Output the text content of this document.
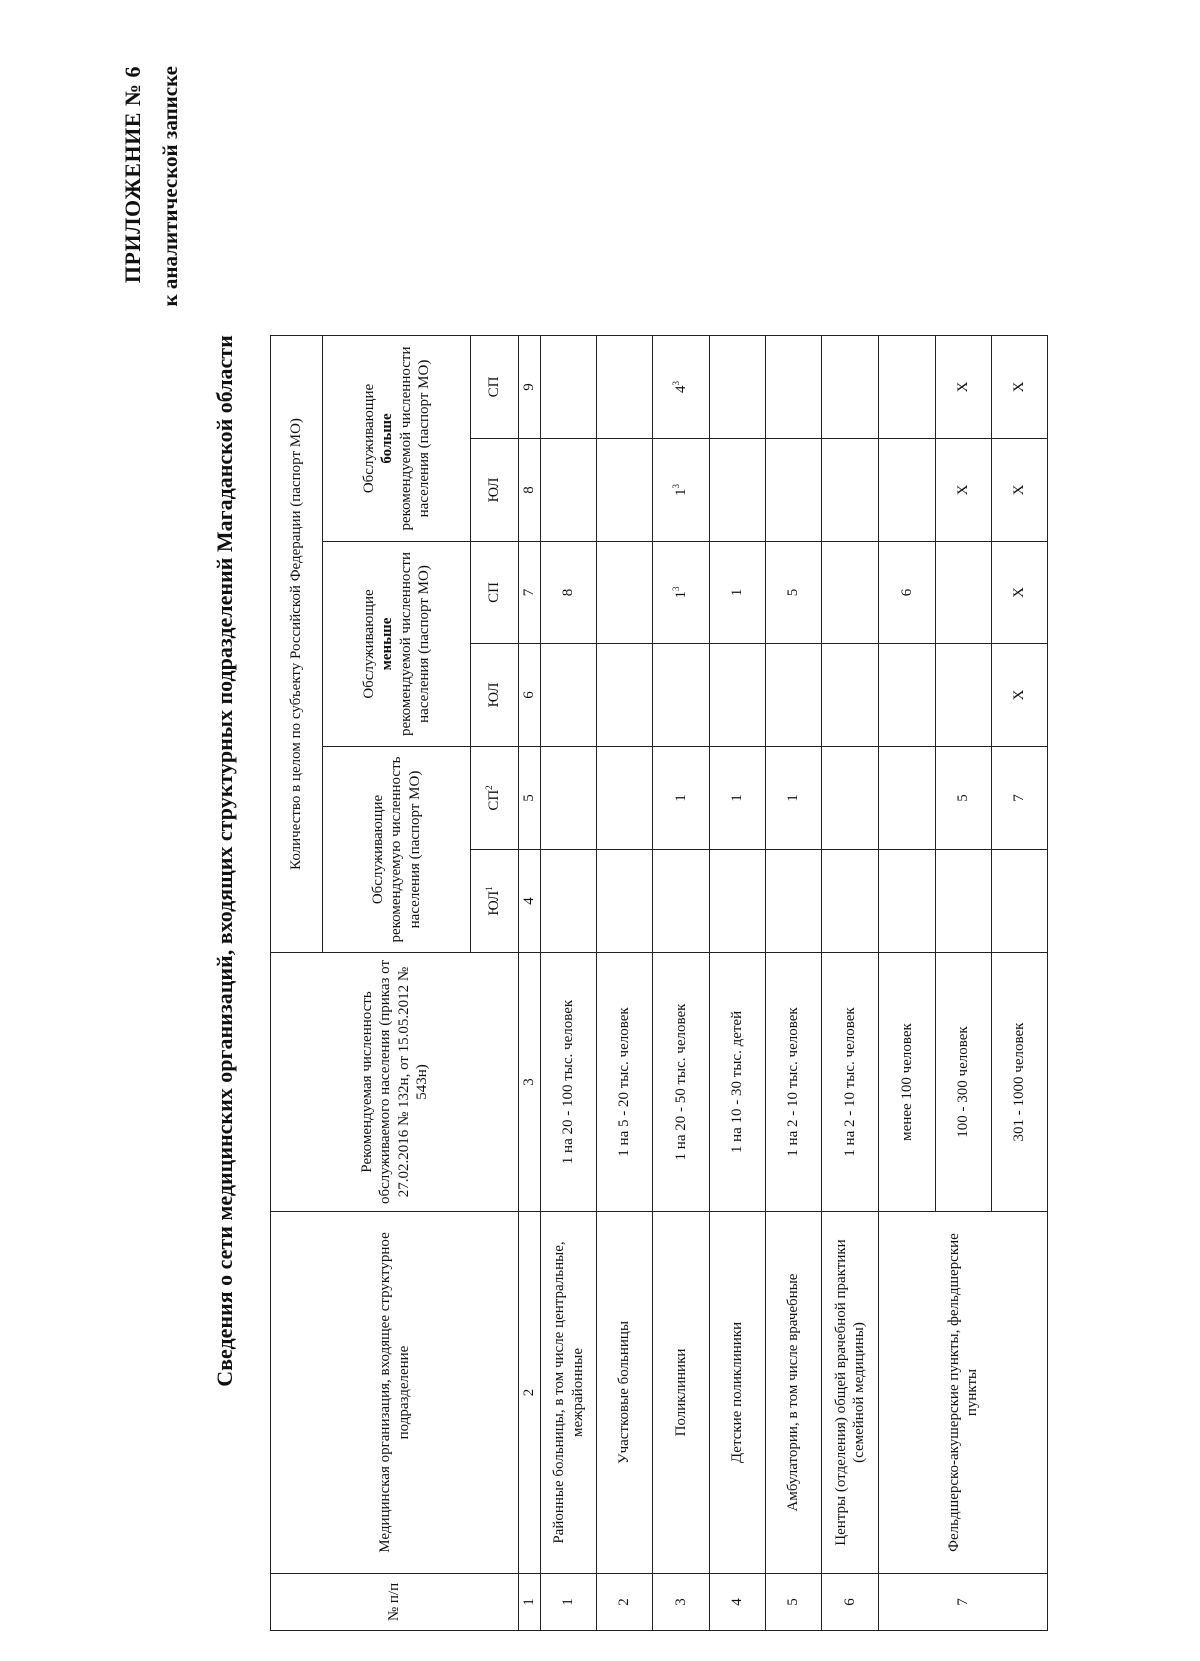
ПРИЛОЖЕНИЕ № 6 к аналитической записке
Сведения о сети медицинских организаций, входящих структурных подразделений Магаданской области
№ п/п	Медицинская организация, входящее структурное подразделение	Рекомендуемая численность обслуживаемого населения (приказ от 27.02.2016 № 132н, от 15.05.2012 № 543н)	Количество в целом по субъекту Российской Федерации (паспорт МО)					
			Обслуживающие рекомендуемую численность населения (паспорт МО)		Обслуживающие меньше рекомендуемой численности населения (паспорт МО)		Обслуживающие больше рекомендуемой численности населения (паспорт МО)	
			$ЮЛ^1$	$СП^2$	ЮЛ	СП	ЮЛ	СП
1	2	3	4	5	6	7	8	9
1	Районные больницы, в том числе центральные, межрайонные	1 на 20 - 100 тыс. человек				8		
2	Участковые больницы	1 на 5 - 20 тыс. человек						
3	Поликлиники	1 на 20 - 50 тыс. человек		1		$1^3$	$1^3$	$4^3$
4	Детские поликлиники	1 на 10 - 30 тыс. детей		1		1		
5	Амбулатории, в том числе врачебные	1 на 2 - 10 тыс. человек		1		5		
6	Центры (отделения) общей врачебной практики (семейной медицины)	1 на 2 - 10 тыс. человек						
7	Фельдшерско-акушерские пункты, фельдшерские пункты	менее 100 человек				6		
		100 - 300 человек		5			X	X
		301 - 1000 человек		7	X	X	X	X
